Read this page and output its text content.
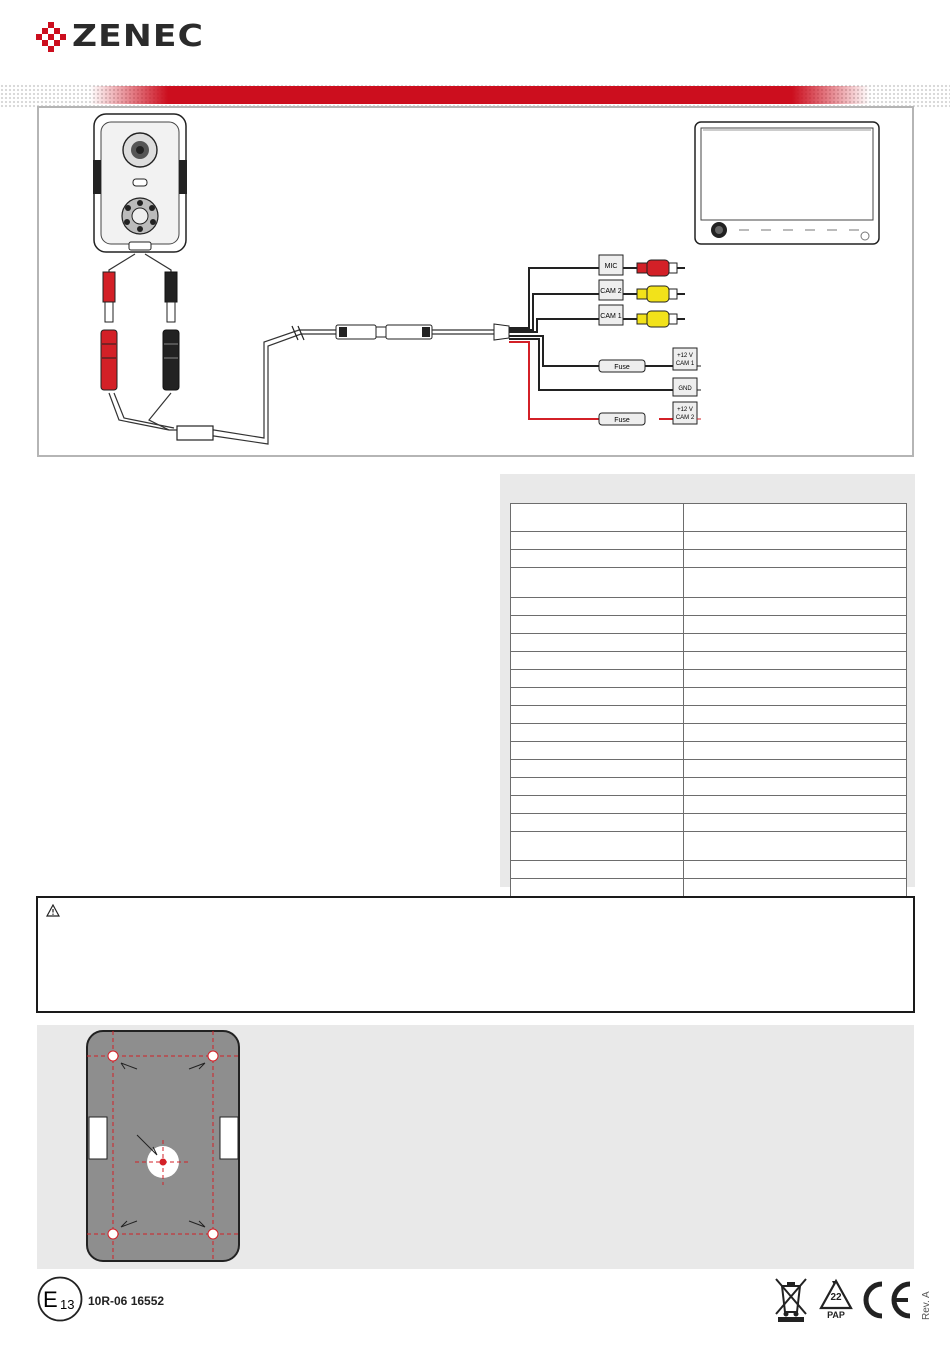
ZENEC
MIC
CAM 2
CAM 1
Fuse
Fuse
+12 V
CAM 1
GND
+12 V
CAM 2

E 13 10R-06 16552	22
PAP
CE
Rev. A
